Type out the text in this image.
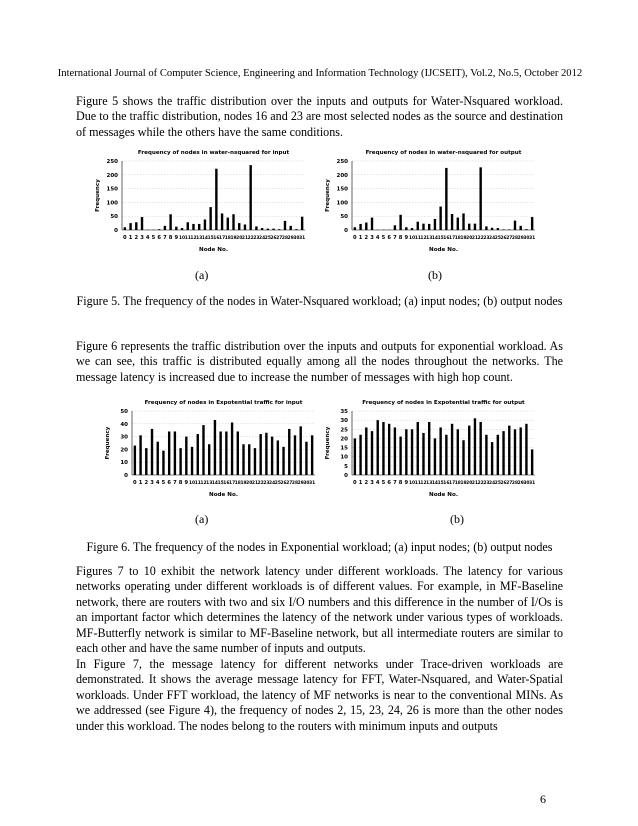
International Journal of Computer Science, Engineering and Information Technology (IJCSEIT), Vol.2, No.5, October 2012

Figure 5 shows the traffic distribution over the inputs and outputs for Water-Nsquared workload. Due to the traffic distribution, nodes 16 and 23 are most selected nodes as the source and destination of messages while the others have the same conditions.

Frequency of nodes in water-nsquared for input
0
50
100
150
200
250
0 1 2 3 4 5 6 7 8 9 10 11 12 13 14 15 16 17 18 19 20 21 22 23 24 25 26 27 28 29 30 31
Node No.
Frequency
Frequency of nodes in water-nsquared for output
0
50
100
150
200
250
0 1 2 3 4 5 6 7 8 9 10 11 12 13 14 15 16 17 18 19 20 21 22 23 24 25 26 27 28 29 30 31
Node No.
Frequency
(a)	(b)
Figure 5. The frequency of the nodes in Water-Nsquared workload; (a) input nodes; (b) output nodes

Figure 6 represents the traffic distribution over the inputs and outputs for exponential workload. As we can see, this traffic is distributed equally among all the nodes throughout the networks. The message latency is increased due to increase the number of messages with high hop count.

Frequency of nodes in Expotential traffic for input
0
10
20
30
40
50
0 1 2 3 4 5 6 7 8 9 10 11 12 13 14 15 16 17 18 19 20 21 22 23 24 25 26 27 28 29 30 31
Node No.
Frequency
Frequency of nodes in Expotential traffic for output
0
5
10
15
20
25
30
35
0 1 2 3 4 5 6 7 8 9 10 11 12 13 14 15 16 17 18 19 20 21 22 23 24 25 26 27 28 29 30 31
Node No.
Frequency
(a)	(b)
Figure 6. The frequency of the nodes in Exponential workload; (a) input nodes; (b) output nodes

Figures 7 to 10 exhibit the network latency under different workloads. The latency for various networks operating under different workloads is of different values. For example, in MF-Baseline network, there are routers with two and six I/O numbers and this difference in the number of I/Os is an important factor which determines the latency of the network under various types of workloads. MF-Butterfly network is similar to MF-Baseline network, but all intermediate routers are similar to each other and have the same number of inputs and outputs.

In Figure 7, the message latency for different networks under Trace-driven workloads are demonstrated. It shows the average message latency for FFT, Water-Nsquared, and Water-Spatial workloads. Under FFT workload, the latency of MF networks is near to the conventional MINs. As we addressed (see Figure 4), the frequency of nodes 2, 15, 23, 24, 26 is more than the other nodes under this workload. The nodes belong to the routers with minimum inputs and outputs

6
